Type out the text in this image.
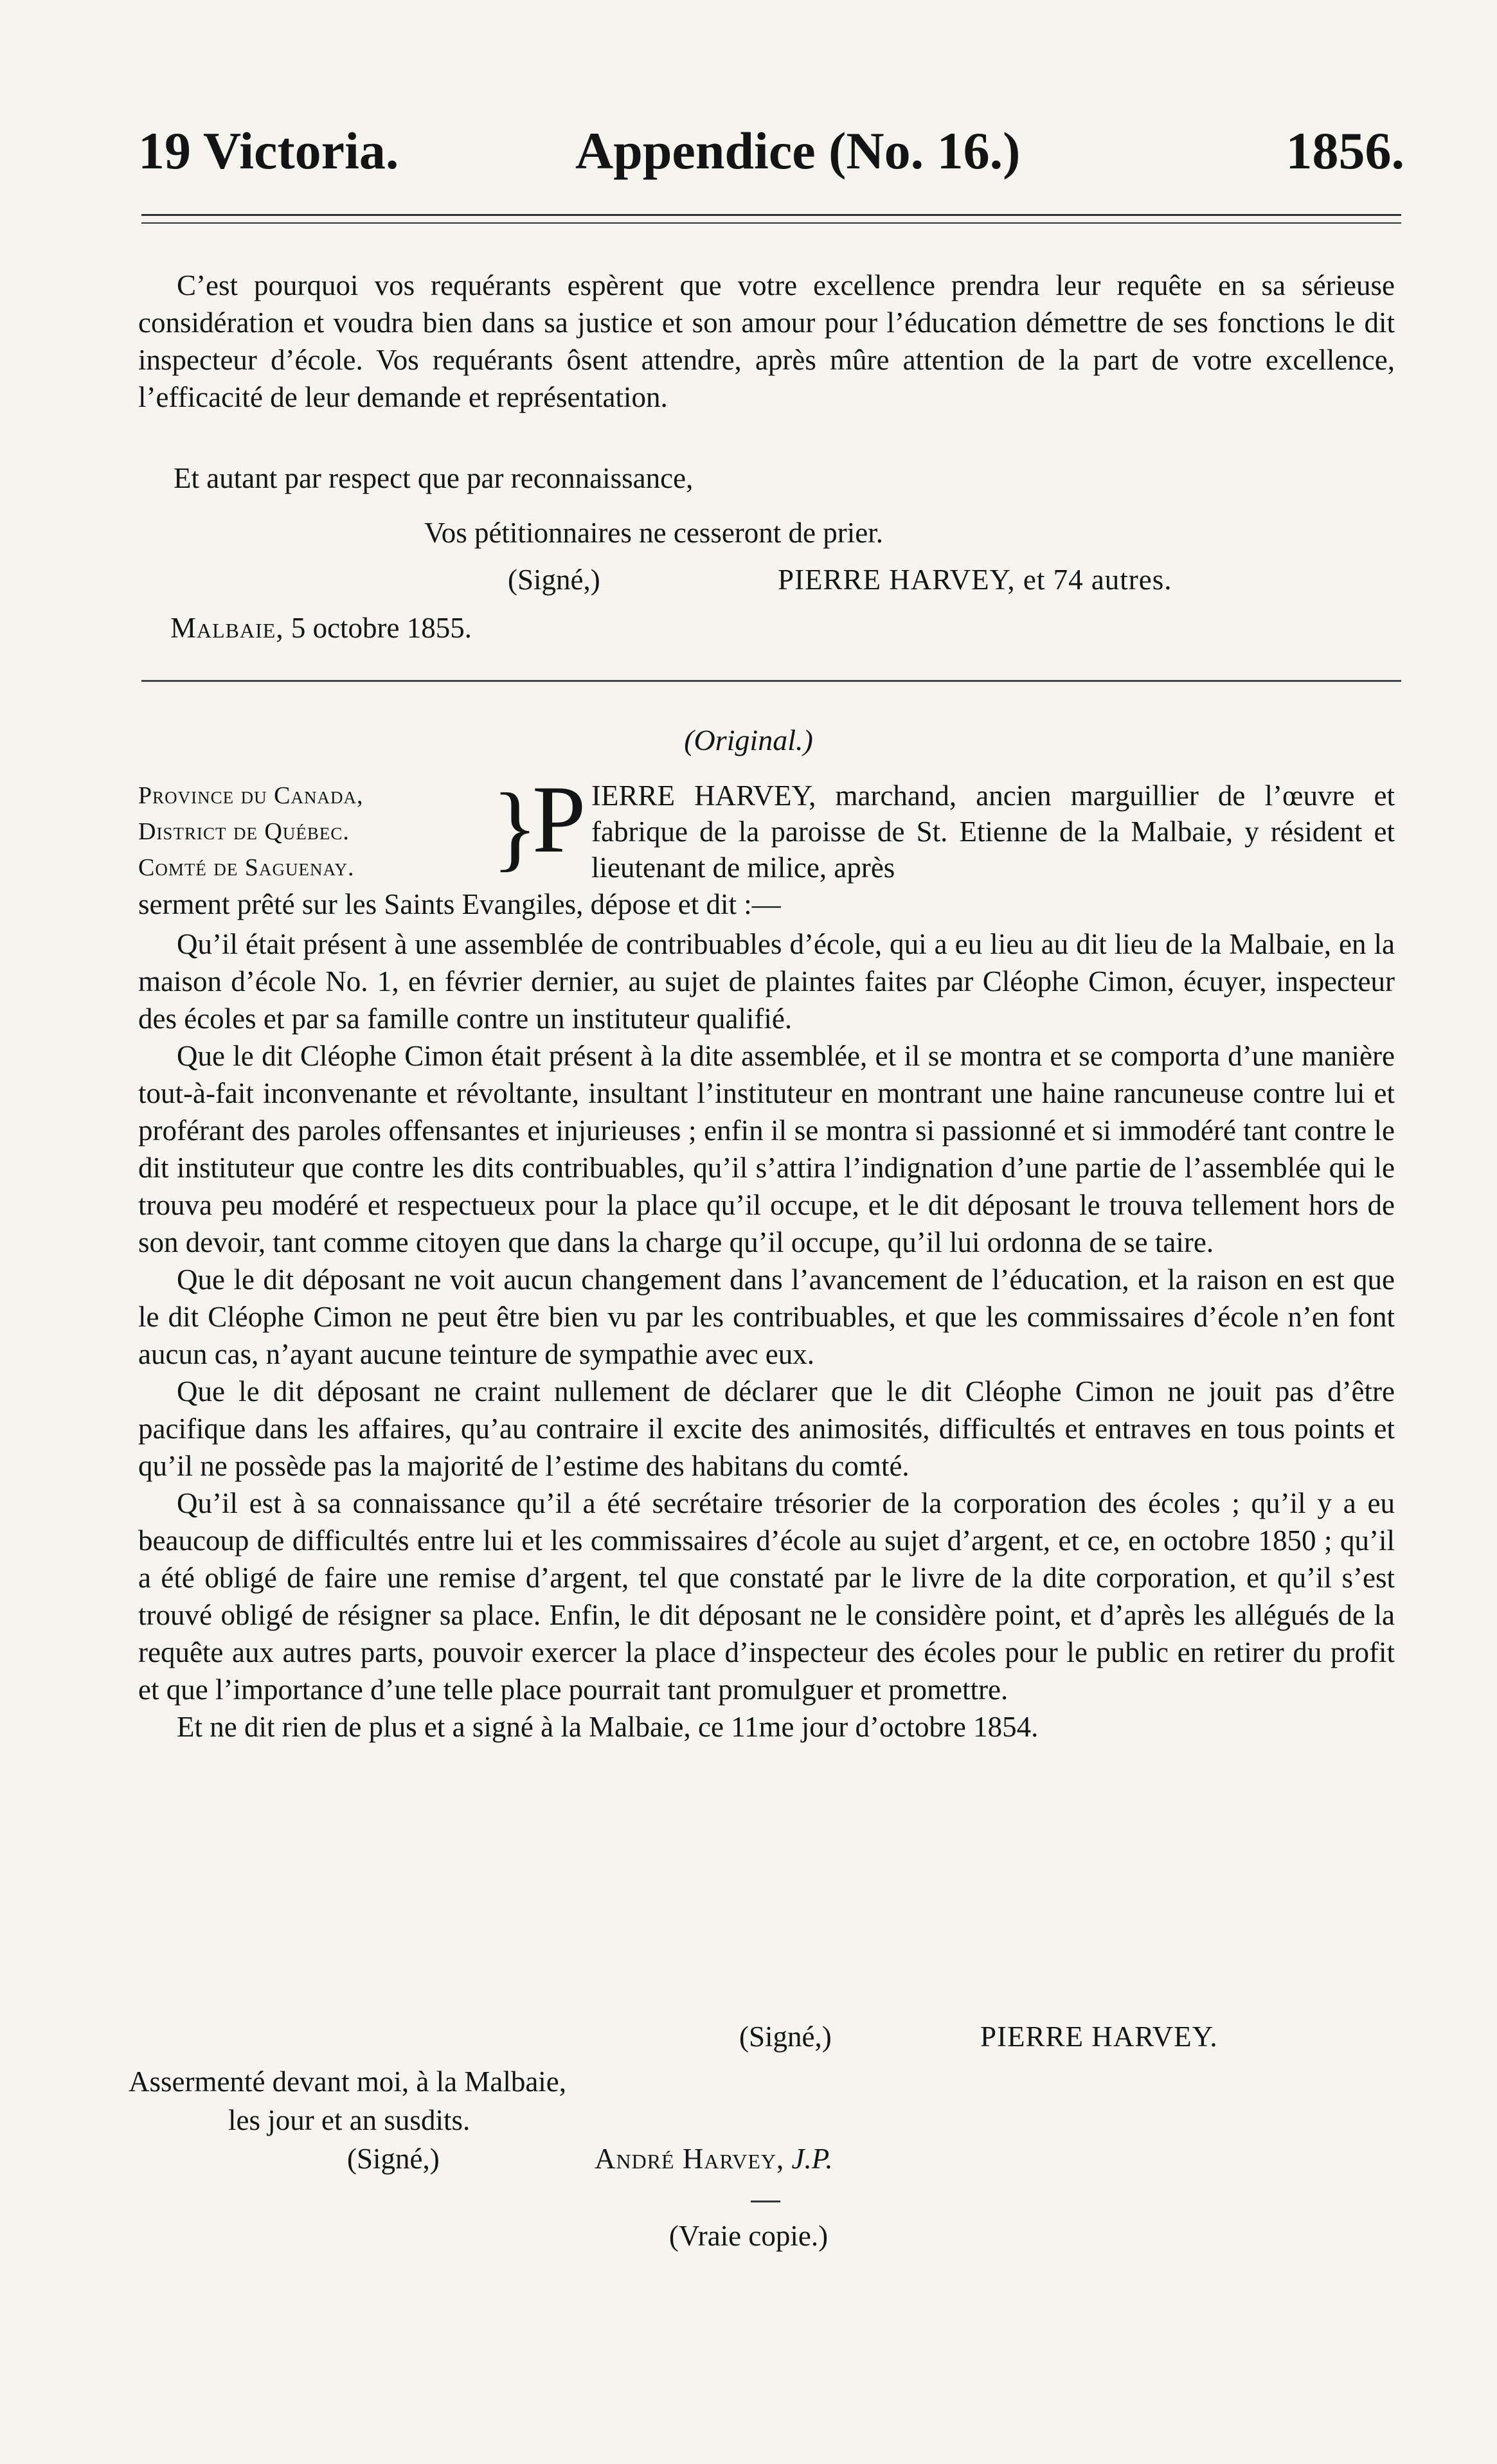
19 Victoria.	Appendice (No. 16.)	1856.

C’est pourquoi vos requérants espèrent que votre excellence prendra leur requête en sa sérieuse considération et voudra bien dans sa justice et son amour pour l’éducation démettre de ses fonctions le dit inspecteur d’école. Vos requérants ôsent attendre, après mûre attention de la part de votre excellence, l’efficacité de leur demande et représentation.

Et autant par respect que par reconnaissance,
Vos pétitionnaires ne cesseront de prier.
(Signé,)	PIERRE HARVEY, et 74 autres.
Malbaie, 5 octobre 1855.
(Original.)
Province du Canada,
District de Québec.
Comté de Saguenay.	}
P IERRE HARVEY, marchand, ancien marguillier de l’œuvre et fabrique de la paroisse de St. Etienne de la Malbaie, y résident et lieutenant de milice, après
serment prêté sur les Saints Evangiles, dépose et dit :—

Qu’il était présent à une assemblée de contribuables d’école, qui a eu lieu au dit lieu de la Malbaie, en la maison d’école No. 1, en février dernier, au sujet de plaintes faites par Cléophe Cimon, écuyer, inspecteur des écoles et par sa famille contre un instituteur qualifié.

Que le dit Cléophe Cimon était présent à la dite assemblée, et il se montra et se comporta d’une manière tout-à-fait inconvenante et révoltante, insultant l’instituteur en montrant une haine rancuneuse contre lui et proférant des paroles offensantes et injurieuses ; enfin il se montra si passionné et si immodéré tant contre le dit instituteur que contre les dits contribuables, qu’il s’attira l’indignation d’une partie de l’assemblée qui le trouva peu modéré et respectueux pour la place qu’il occupe, et le dit déposant le trouva tellement hors de son devoir, tant comme citoyen que dans la charge qu’il occupe, qu’il lui ordonna de se taire.

Que le dit déposant ne voit aucun changement dans l’avancement de l’éducation, et la raison en est que le dit Cléophe Cimon ne peut être bien vu par les contribuables, et que les commissaires d’école n’en font aucun cas, n’ayant aucune teinture de sympathie avec eux.

Que le dit déposant ne craint nullement de déclarer que le dit Cléophe Cimon ne jouit pas d’être pacifique dans les affaires, qu’au contraire il excite des animosités, difficultés et entraves en tous points et qu’il ne possède pas la majorité de l’estime des habitans du comté.

Qu’il est à sa connaissance qu’il a été secrétaire trésorier de la corporation des écoles ; qu’il y a eu beaucoup de difficultés entre lui et les commissaires d’école au sujet d’argent, et ce, en octobre 1850 ; qu’il a été obligé de faire une remise d’argent, tel que constaté par le livre de la dite corporation, et qu’il s’est trouvé obligé de résigner sa place. Enfin, le dit déposant ne le considère point, et d’après les allégués de la requête aux autres parts, pouvoir exercer la place d’inspecteur des écoles pour le public en retirer du profit et que l’importance d’une telle place pourrait tant promulguer et promettre.

Et ne dit rien de plus et a signé à la Malbaie, ce 11me jour d’octobre 1854.

(Signé,)	PIERRE HARVEY.
Assermenté devant moi, à la Malbaie,
les jour et an susdits.
(Signé,)	André Harvey, J.P.
(Vraie copie.)
